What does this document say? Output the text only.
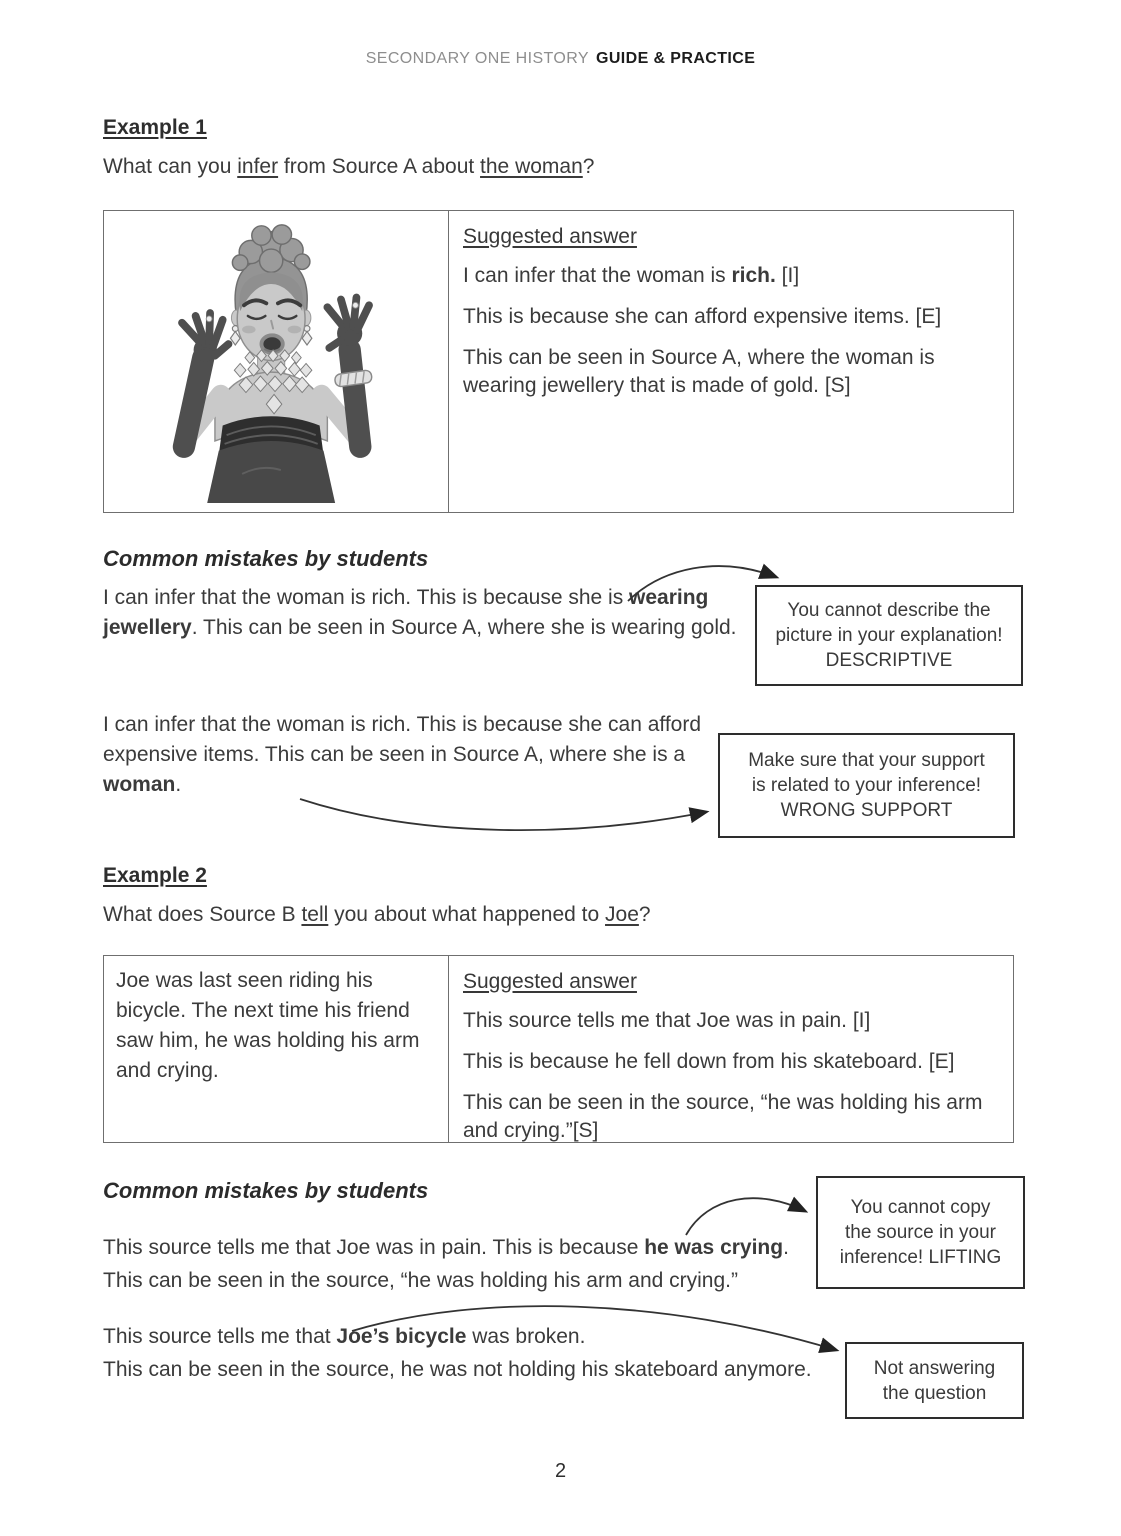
SECONDARY ONE HISTORY GUIDE & PRACTICE
Example 1

What can you infer from Source A about the woman?

Suggested answer

I can infer that the woman is rich. [I]

This is because she can afford expensive items. [E]

This can be seen in Source A, where the woman is wearing jewellery that is made of gold. [S]

Common mistakes by students

I can infer that the woman is rich. This is because she is wearing jewellery. This can be seen in Source A, where she is wearing gold.

You cannot describe the
picture in your explanation!
DESCRIPTIVE

I can infer that the woman is rich. This is because she can afford expensive items. This can be seen in Source A, where she is a woman.

Make sure that your support
is related to your inference!
WRONG SUPPORT
Example 2

What does Source B tell you about what happened to Joe?

Joe was last seen riding his bicycle. The next time his friend saw him, he was holding his arm and crying.

Suggested answer

This source tells me that Joe was in pain. [I]

This is because he fell down from his skateboard. [E]

This can be seen in the source, “he was holding his arm and crying.”[S]

Common mistakes by students
This source tells me that Joe was in pain. This is because he was crying.
This can be seen in the source, “he was holding his arm and crying.”
You cannot copy
the source in your
inference! LIFTING
This source tells me that Joe’s bicycle was broken.
This can be seen in the source, he was not holding his skateboard anymore.	Not answering
the question
2
